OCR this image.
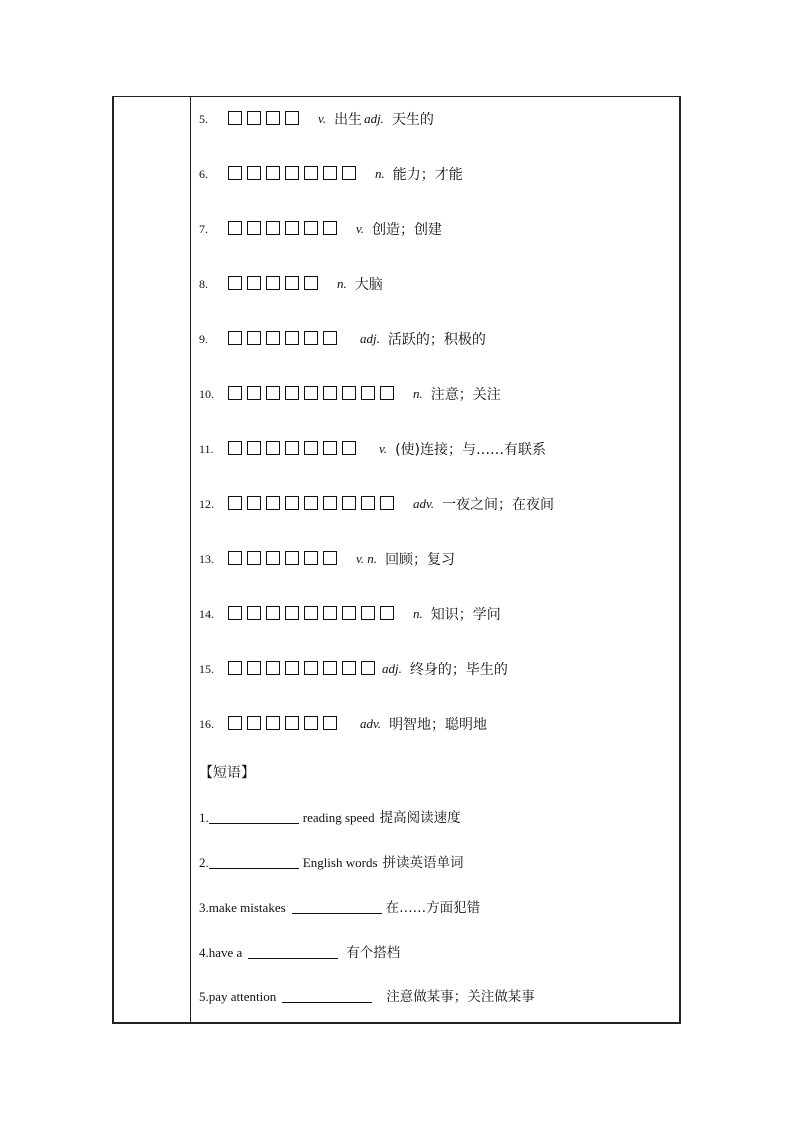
5.	v. 出生 adj. 天生的
6.	n. 能力；才能
7.	v. 创造；创建
8.	n. 大脑
9.	adj. 活跃的；积极的
10.	n. 注意；关注
11.	v. (使)连接；与……有联系
12.	adv. 一夜之间；在夜间
13.	v. n. 回顾；复习
14.	n. 知识；学问
15.	adj. 终身的；毕生的
16.	adv. 明智地；聪明地
【短语】
1.	reading speed 提高阅读速度
2.	English words 拼读英语单词
3.make mistakes	在……方面犯错
4.have a	有个搭档
5.pay attention	注意做某事；关注做某事
